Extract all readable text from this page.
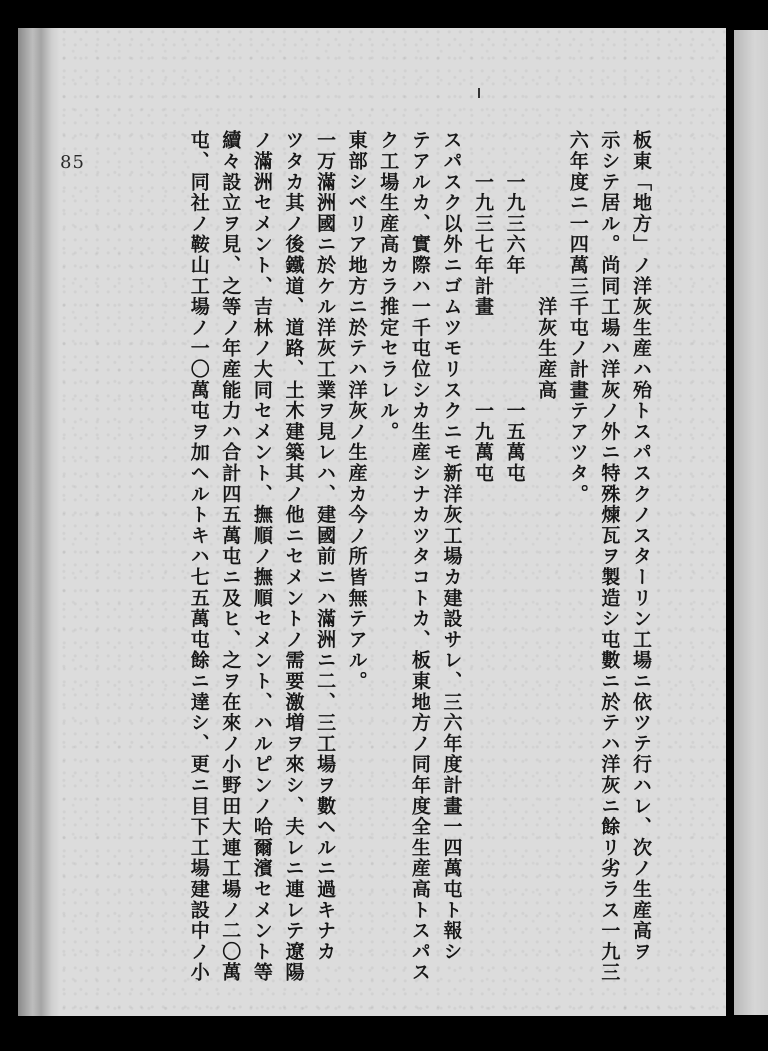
85	板東「地方」ノ洋灰生産ハ殆トスパスクノスターリン工場ニ依ツテ行ハレ、次ノ生産高ヲ

示シテ居ル。尚同工場ハ洋灰ノ外ニ特殊煉瓦ヲ製造シ屯數ニ於テハ洋灰ニ餘リ劣ラス一九三

六年度ニ一四萬三千屯ノ計畫テアツタ。

　　　　　　　　洋灰生産高

　　一九三六年　　　　　　一五萬屯

　　一九三七年計畫　　　　一九萬屯

スパスク以外ニゴムツモリスクニモ新洋灰工場カ建設サレ、三六年度計畫一四萬屯ト報シ

テアルカ、實際ハ一千屯位シカ生産シナカツタコトカ、板東地方ノ同年度全生産高トスパス

ク工場生産高カラ推定セラレル。

東部シベリア地方ニ於テハ洋灰ノ生産カ今ノ所皆無テアル。

一万滿洲國ニ於ケル洋灰工業ヲ見レハ、建國前ニハ滿洲ニ二、三工場ヲ數ヘルニ過キナカ

ツタカ其ノ後鐵道、道路、土木建築其ノ他ニセメントノ需要激増ヲ來シ、夫レニ連レテ遼陽

ノ滿洲セメント、吉林ノ大同セメント、撫順ノ撫順セメント、ハルピンノ哈爾濱セメント等

續々設立ヲ見、之等ノ年産能力ハ合計四五萬屯ニ及ヒ、之ヲ在來ノ小野田大連工場ノ二〇萬

屯、同社ノ鞍山工場ノ一〇萬屯ヲ加ヘルトキハ七五萬屯餘ニ達シ、更ニ目下工場建設中ノ小
